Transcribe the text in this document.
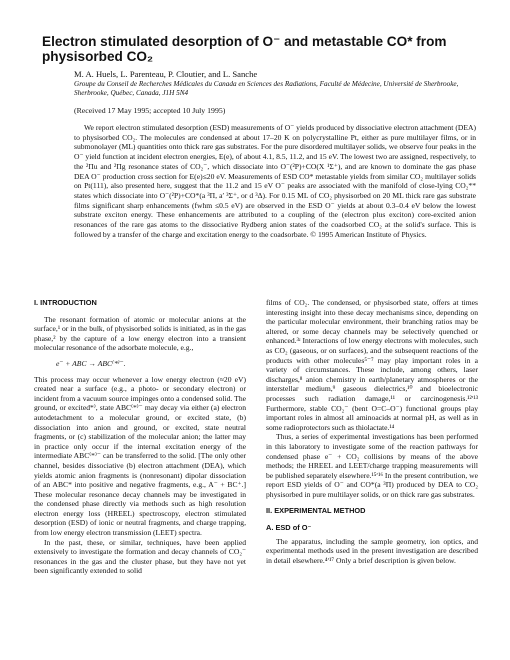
Electron stimulated desorption of O⁻ and metastable CO* from physisorbed CO₂
M. A. Huels, L. Parenteau, P. Cloutier, and L. Sanche
Groupe du Conseil de Recherches Médicales du Canada en Sciences des Radiations, Faculté de Médecine, Université de Sherbrooke, Sherbrooke, Québec, Canada, J1H 5N4
(Received 17 May 1995; accepted 10 July 1995)

We report electron stimulated desorption (ESD) measurements of O⁻ yields produced by dissociative electron attachment (DEA) to physisorbed CO₂. The molecules are condensed at about 17–20 K on polycrystalline Pt, either as pure multilayer films, or in submonolayer (ML) quantities onto thick rare gas substrates. For the pure disordered multilayer solids, we observe four peaks in the O⁻ yield function at incident electron energies, E(e), of about 4.1, 8.5, 11.2, and 15 eV. The lowest two are assigned, respectively, to the ²Πu and ²Πg resonance states of CO₂⁻, which dissociate into O⁻(²P)+CO(X ¹Σ⁺), and are known to dominate the gas phase DEA O⁻ production cross section for E(e)≤20 eV. Measurements of ESD CO* metastable yields from similar CO₂ multilayer solids on Pt(111), also presented here, suggest that the 11.2 and 15 eV O⁻ peaks are associated with the manifold of close-lying CO₂** states which dissociate into O⁻(²P)+CO*(a ³Π, a′ ³Σ⁺, or d ³Δ). For 0.15 ML of CO₂ physisorbed on 20 ML thick rare gas substrate films significant sharp enhancements (fwhm ≤0.5 eV) are observed in the ESD O⁻ yields at about 0.3–0.4 eV below the lowest substrate exciton energy. These enhancements are attributed to a coupling of the (electron plus exciton) core-excited anion resonances of the rare gas atoms to the dissociative Rydberg anion states of the coadsorbed CO₂ at the solid's surface. This is followed by a transfer of the charge and excitation energy to the coadsorbate. © 1995 American Institute of Physics.

I. INTRODUCTION

The resonant formation of atomic or molecular anions at the surface,¹ or in the bulk, of physisorbed solids is initiated, as in the gas phase,² by the capture of a low energy electron into a transient molecular resonance of the adsorbate molecule, e.g.,

e⁻ + ABC → ABC⁽*⁾⁻.

This process may occur whenever a low energy electron (≈20 eV) created near a surface (e.g., a photo- or secondary electron) or incident from a vacuum source impinges onto a condensed solid. The ground, or excited*⁾, state ABC⁽*⁾⁻ may decay via either (a) electron autodetachment to a molecular ground, or excited state, (b) dissociation into anion and ground, or excited, state neutral fragments, or (c) stabilization of the molecular anion; the latter may in practice only occur if the internal excitation energy of the intermediate ABC⁽*⁾⁻ can be transferred to the solid. [The only other channel, besides dissociative (b) electron attachment (DEA), which yields atomic anion fragments is (nonresonant) dipolar dissociation of an ABC* into positive and negative fragments, e.g., A⁻ + BC⁺.] These molecular resonance decay channels may be investigated in the condensed phase directly via methods such as high resolution electron energy loss (HREEL) spectroscopy, electron stimulated desorption (ESD) of ionic or neutral fragments, and charge trapping, from low energy electron transmission (LEET) spectra.

In the past, these, or similar, techniques, have been applied extensively to investigate the formation and decay channels of CO₂⁻ resonances in the gas and the cluster phase, but they have not yet been significantly extended to solid

films of CO₂. The condensed, or physisorbed state, offers at times interesting insight into these decay mechanisms since, depending on the particular molecular environment, their branching ratios may be altered, or some decay channels may be selectively quenched or enhanced.³ʴ Interactions of low energy electrons with molecules, such as CO₂ (gaseous, or on surfaces), and the subsequent reactions of the products with other molecules⁵⁻⁷ may play important roles in a variety of circumstances. These include, among others, laser discharges,⁸ anion chemistry in earth/planetary atmospheres or the interstellar medium,⁹ gaseous dielectrics,¹⁰ and bioelectronic processes such radiation damage,¹¹ or carcinogenesis.¹²ʹ¹³ Furthermore, stable CO₂⁻ (bent O=C–O⁻) functional groups play important roles in almost all aminoacids at normal pH, as well as in some radioprotectors such as thiolactate.¹⁴

Thus, a series of experimental investigations has been performed in this laboratory to investigate some of the reaction pathways for condensed phase e⁻ + CO₂ collisions by means of the above methods; the HREEL and LEET/charge trapping measurements will be published separately elsewhere.¹⁵ʹ¹⁶ In the present contribution, we report ESD yields of O⁻ and CO*(a ³Π) produced by DEA to CO₂ physisorbed in pure multilayer solids, or on thick rare gas substrates.

II. EXPERIMENTAL METHOD
A. ESD of O⁻

The apparatus, including the sample geometry, ion optics, and experimental methods used in the present investigation are described in detail elsewhere.⁴ʹ¹⁷ Only a brief description is given below.
